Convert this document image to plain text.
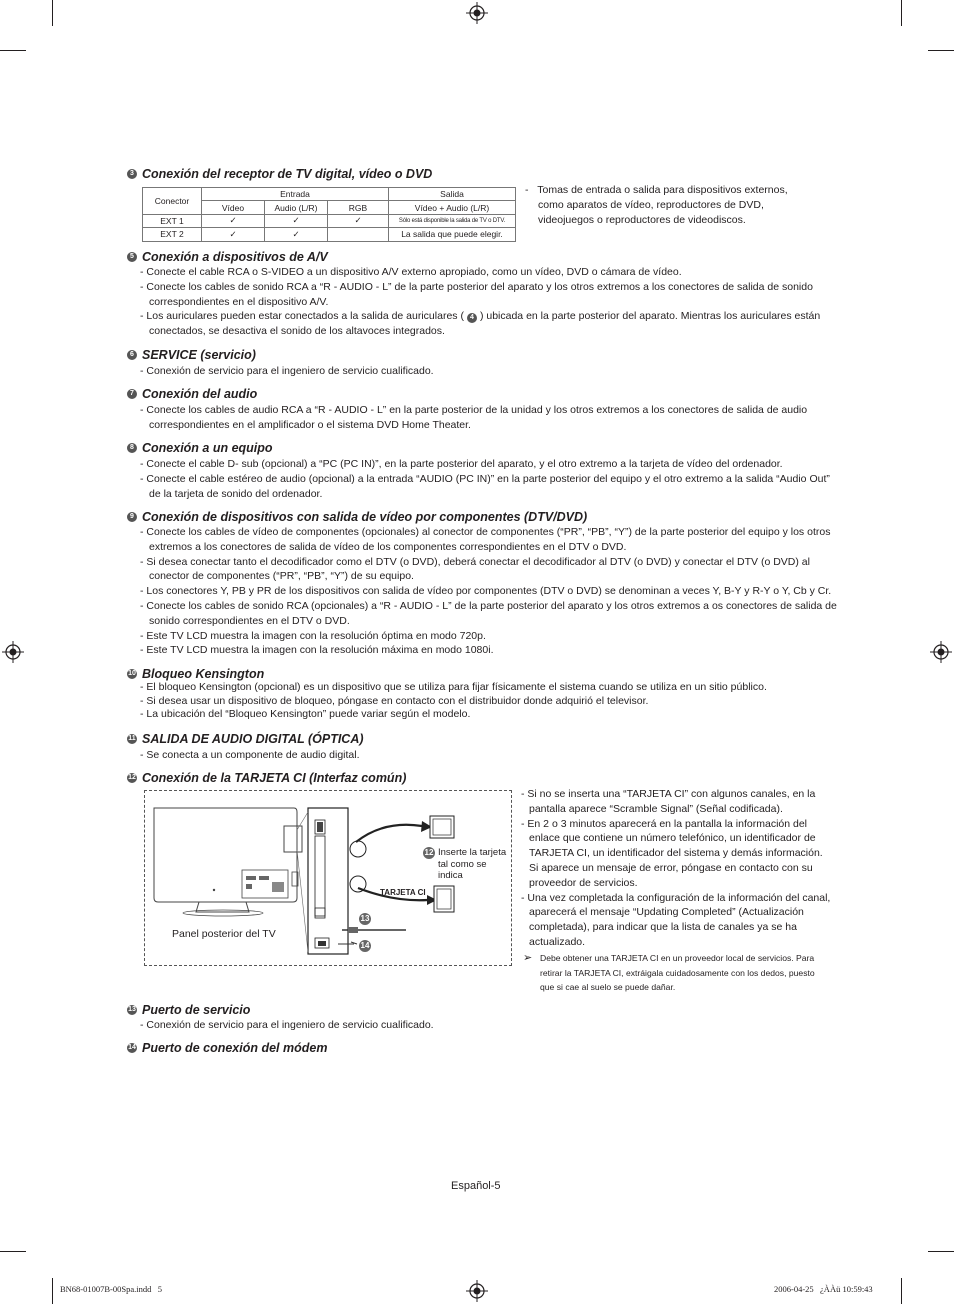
3 Conexión del receptor de TV digital, vídeo o DVD
Conector	Entrada			Salida
	Vídeo	Audio (L/R)	RGB	Vídeo + Audio (L/R)
EXT 1	✓	✓	✓	Sólo está disponible la salida de TV o DTV.
EXT 2	✓	✓		La salida que puede elegir.
-   Tomas de entrada o salida para dispositivos externos, como aparatos de vídeo, reproductores de DVD, videojuegos o reproductores de videodiscos.
5 Conexión a dispositivos de A/V
- Conecte el cable RCA o S-VIDEO a un dispositivo A/V externo apropiado, como un vídeo, DVD o cámara de vídeo.
- Conecte los cables de sonido RCA a “R - AUDIO - L” de la parte posterior del aparato y los otros extremos a los conectores de salida de sonido correspondientes en el dispositivo A/V.
- Los auriculares pueden estar conectados a la salida de auriculares ( 4 ) ubicada en la parte posterior del aparato. Mientras los auriculares están conectados, se desactiva el sonido de los altavoces integrados.
6 SERVICE (servicio)
- Conexión de servicio para el ingeniero de servicio cualificado.
7 Conexión del audio
- Conecte los cables de audio RCA a “R - AUDIO - L” en la parte posterior de la unidad y los otros extremos a los conectores de salida de audio correspondientes en el amplificador o el sistema DVD Home Theater.
8 Conexión a un equipo
- Conecte el cable D- sub (opcional) a “PC (PC IN)”, en la parte posterior del aparato, y el otro extremo a la tarjeta de vídeo del ordenador.
- Conecte el cable estéreo de audio (opcional) a la entrada “AUDIO (PC IN)” en la parte posterior del equipo y el otro extremo a la salida “Audio Out” de la tarjeta de sonido del ordenador.
9 Conexión de dispositivos con salida de vídeo por componentes (DTV/DVD)
- Conecte los cables de vídeo de componentes (opcionales) al conector de componentes (“PR”, “PB”, “Y”) de la parte posterior del equipo y los otros extremos a los conectores de salida de vídeo de los componentes correspondientes en el DTV o DVD.
- Si desea conectar tanto el decodificador como el DTV (o DVD), deberá conectar el decodificador al DTV (o DVD) y conectar el DTV (o DVD) al conector de componentes (“PR”, “PB”, “Y”) de su equipo.
- Los conectores Y, PB y PR de los dispositivos con salida de vídeo por componentes (DTV o DVD) se denominan a veces Y, B-Y y R-Y o Y, Cb y Cr.
- Conecte los cables de sonido RCA (opcionales) a “R - AUDIO - L” de la parte posterior del aparato y los otros extremos a os conectores de salida de sonido correspondientes en el DTV o DVD.
- Este TV LCD muestra la imagen con la resolución óptima en modo 720p.
- Este TV LCD muestra la imagen con la resolución máxima en modo 1080i.
10 Bloqueo Kensington
- El bloqueo Kensington (opcional) es un dispositivo que se utiliza para fijar físicamente el sistema cuando se utiliza en un sitio público.
- Si desea usar un dispositivo de bloqueo, póngase en contacto con el distribuidor donde adquirió el televisor.
- La ubicación del “Bloqueo Kensington” puede variar según el modelo.
11 SALIDA DE AUDIO DIGITAL (ÓPTICA)
- Se conecta a un componente de audio digital.
12 Conexión de la TARJETA CI (Interfaz común)
12
13
14
Inserte la tarjeta tal como se indica
TARJETA CI
Panel posterior del TV
- Si no se inserta una “TARJETA CI” con algunos canales, en la pantalla aparece “Scramble Signal” (Señal codificada).
- En 2 o 3 minutos aparecerá en la pantalla la información del enlace que contiene un número telefónico, un identificador de TARJETA CI, un identificador del sistema y demás información. Si aparece un mensaje de error, póngase en contacto con su proveedor de servicios.
- Una vez completada la configuración de la información del canal, aparecerá el mensaje “Updating Completed” (Actualización completada), para indicar que la lista de canales ya se ha actualizado.
➢ Debe obtener una TARJETA CI en un proveedor local de servicios. Para retirar la TARJETA CI, extráigala cuidadosamente con los dedos, puesto que si cae al suelo se puede dañar.
13 Puerto de servicio
- Conexión de servicio para el ingeniero de servicio cualificado.
14 Puerto de conexión del módem
Español-5
BN68-01007B-00Spa.indd   5	2006-04-25   ¿ÀÀü 10:59:43
